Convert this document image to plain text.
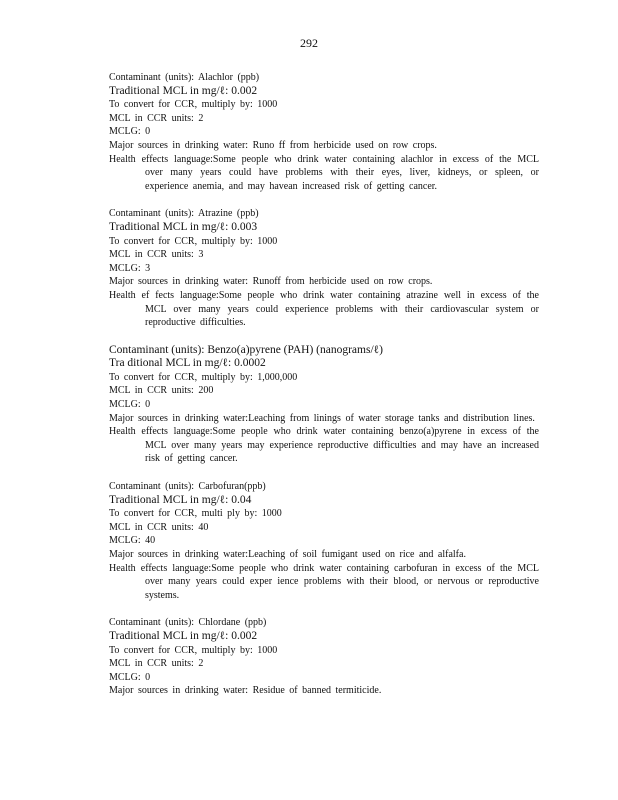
292
Contaminant (units): Alachlor (ppb)
Traditional MCL in mg/ℓ: 0.002
To convert for CCR, multiply by: 1000
MCL in CCR units: 2
MCLG: 0
Major sources in drinking water: Runo ff from herbicide used on row crops.
Health effects language:Some people who drink water containing alachlor in excess of the MCL over many years could have problems with their eyes, liver, kidneys, or spleen, or experience anemia, and may havean increased risk of getting cancer.
Contaminant (units): Atrazine (ppb)
Traditional MCL in mg/ℓ: 0.003
To convert for CCR, multiply by: 1000
MCL in CCR units: 3
MCLG: 3
Major sources in drinking water: Runoff from herbicide used on row crops.
Health ef fects language:Some people who drink water containing atrazine well in excess of the MCL over many years could experience problems with their cardiovascular system or reproductive difficulties.
Contaminant (units): Benzo(a)pyrene (PAH) (nanograms/ℓ)
Tra ditional MCL in mg/ℓ: 0.0002
To convert for CCR, multiply by: 1,000,000
MCL in CCR units: 200
MCLG: 0
Major sources in drinking water:Leaching from linings of water storage tanks and distribution lines.
Health effects language:Some people who drink water containing benzo(a)pyrene in excess of the MCL over many years may experience reproductive difficulties and may have an increased risk of getting cancer.
Contaminant (units): Carbofuran(ppb)
Traditional MCL in mg/ℓ: 0.04
To convert for CCR, multi ply by: 1000
MCL in CCR units: 40
MCLG: 40
Major sources in drinking water:Leaching of soil fumigant used on rice and alfalfa.
Health effects language:Some people who drink water containing carbofuran in excess of the MCL over many years could exper ience problems with their blood, or nervous or reproductive systems.
Contaminant (units): Chlordane (ppb)
Traditional MCL in mg/ℓ: 0.002
To convert for CCR, multiply by: 1000
MCL in CCR units: 2
MCLG: 0
Major sources in drinking water: Residue of banned termiticide.
